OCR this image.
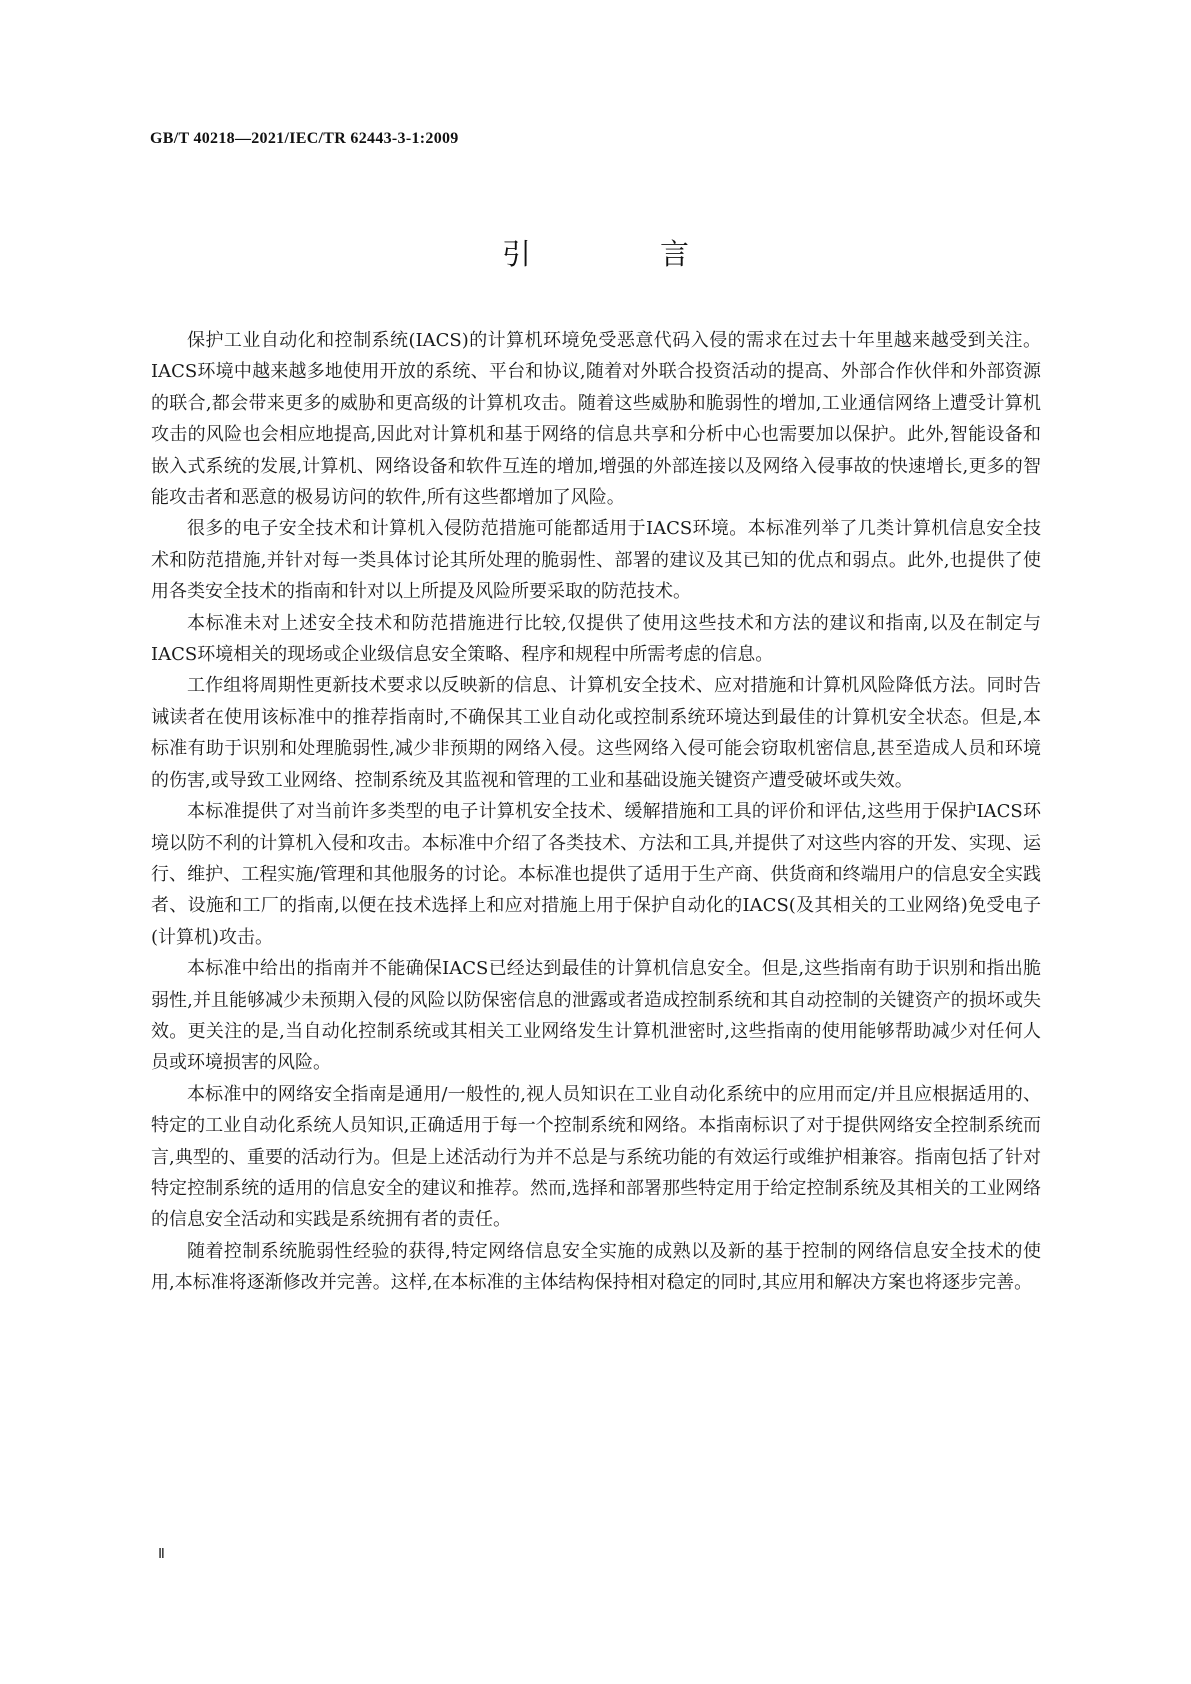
GB/T 40218—2021/IEC/TR 62443-3-1:2009
引　言

保护工业自动化和控制系统(IACS)的计算机环境免受恶意代码入侵的需求在过去十年里越来越受到关注。IACS环境中越来越多地使用开放的系统、平台和协议,随着对外联合投资活动的提高、外部合作伙伴和外部资源的联合,都会带来更多的威胁和更高级的计算机攻击。随着这些威胁和脆弱性的增加,工业通信网络上遭受计算机攻击的风险也会相应地提高,因此对计算机和基于网络的信息共享和分析中心也需要加以保护。此外,智能设备和嵌入式系统的发展,计算机、网络设备和软件互连的增加,增强的外部连接以及网络入侵事故的快速增长,更多的智能攻击者和恶意的极易访问的软件,所有这些都增加了风险。

很多的电子安全技术和计算机入侵防范措施可能都适用于IACS环境。本标准列举了几类计算机信息安全技术和防范措施,并针对每一类具体讨论其所处理的脆弱性、部署的建议及其已知的优点和弱点。此外,也提供了使用各类安全技术的指南和针对以上所提及风险所要采取的防范技术。

本标准未对上述安全技术和防范措施进行比较,仅提供了使用这些技术和方法的建议和指南,以及在制定与IACS环境相关的现场或企业级信息安全策略、程序和规程中所需考虑的信息。

工作组将周期性更新技术要求以反映新的信息、计算机安全技术、应对措施和计算机风险降低方法。同时告诫读者在使用该标准中的推荐指南时,不确保其工业自动化或控制系统环境达到最佳的计算机安全状态。但是,本标准有助于识别和处理脆弱性,减少非预期的网络入侵。这些网络入侵可能会窃取机密信息,甚至造成人员和环境的伤害,或导致工业网络、控制系统及其监视和管理的工业和基础设施关键资产遭受破坏或失效。

本标准提供了对当前许多类型的电子计算机安全技术、缓解措施和工具的评价和评估,这些用于保护IACS环境以防不利的计算机入侵和攻击。本标准中介绍了各类技术、方法和工具,并提供了对这些内容的开发、实现、运行、维护、工程实施/管理和其他服务的讨论。本标准也提供了适用于生产商、供货商和终端用户的信息安全实践者、设施和工厂的指南,以便在技术选择上和应对措施上用于保护自动化的IACS(及其相关的工业网络)免受电子(计算机)攻击。

本标准中给出的指南并不能确保IACS已经达到最佳的计算机信息安全。但是,这些指南有助于识别和指出脆弱性,并且能够减少未预期入侵的风险以防保密信息的泄露或者造成控制系统和其自动控制的关键资产的损坏或失效。更关注的是,当自动化控制系统或其相关工业网络发生计算机泄密时,这些指南的使用能够帮助减少对任何人员或环境损害的风险。

本标准中的网络安全指南是通用/一般性的,视人员知识在工业自动化系统中的应用而定/并且应根据适用的、特定的工业自动化系统人员知识,正确适用于每一个控制系统和网络。本指南标识了对于提供网络安全控制系统而言,典型的、重要的活动行为。但是上述活动行为并不总是与系统功能的有效运行或维护相兼容。指南包括了针对特定控制系统的适用的信息安全的建议和推荐。然而,选择和部署那些特定用于给定控制系统及其相关的工业网络的信息安全活动和实践是系统拥有者的责任。

随着控制系统脆弱性经验的获得,特定网络信息安全实施的成熟以及新的基于控制的网络信息安全技术的使用,本标准将逐渐修改并完善。这样,在本标准的主体结构保持相对稳定的同时,其应用和解决方案也将逐步完善。

Ⅱ
